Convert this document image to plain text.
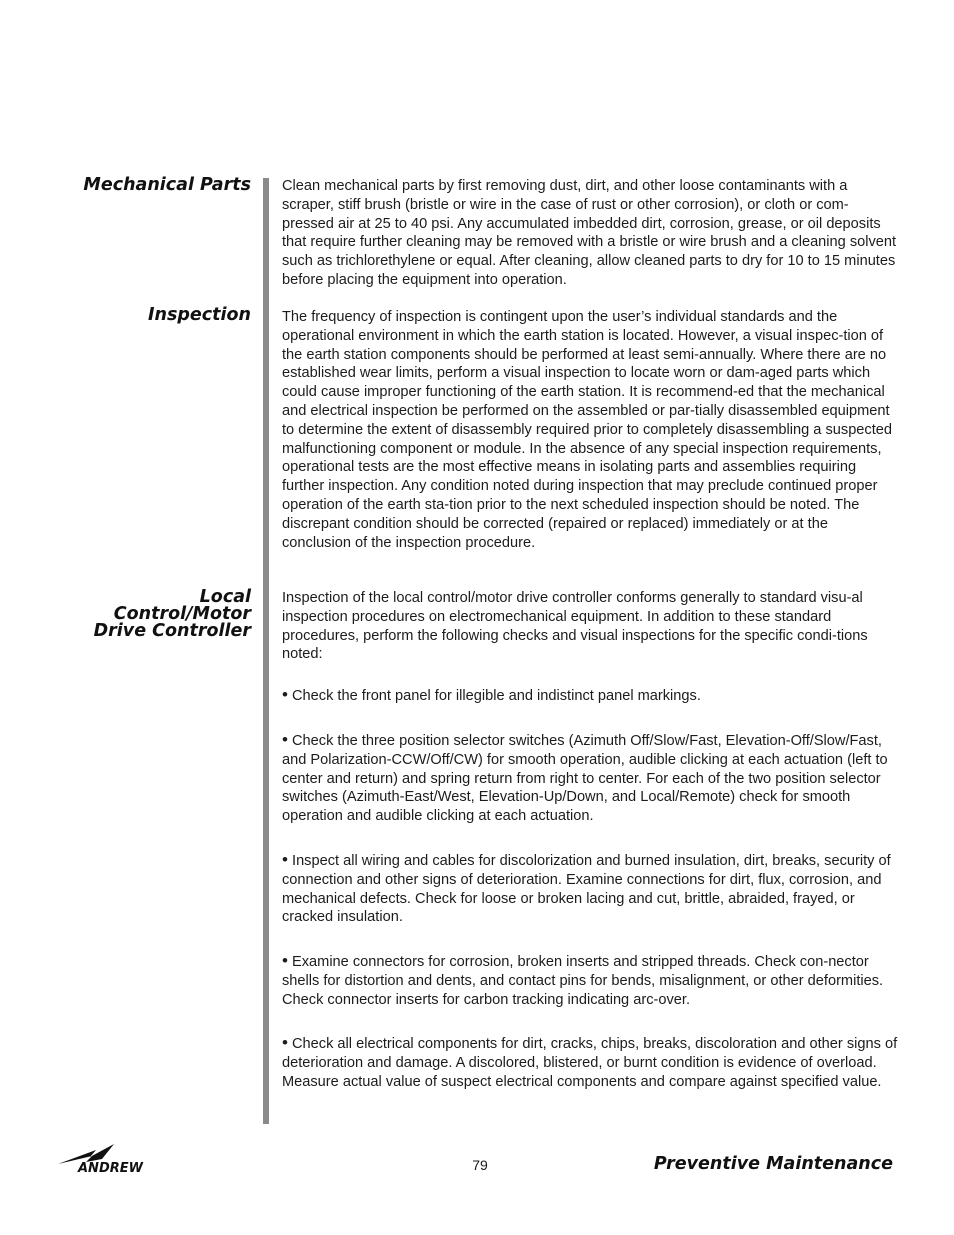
Mechanical Parts
Inspection
Local
Control/Motor
Drive Controller

Clean mechanical parts by first removing dust, dirt, and other loose contaminants with a scraper, stiff brush (bristle or wire in the case of rust or other corrosion), or cloth or com-pressed air at 25 to 40 psi. Any accumulated imbedded dirt, corrosion, grease, or oil deposits that require further cleaning may be removed with a bristle or wire brush and a cleaning solvent such as trichlorethylene or equal. After cleaning, allow cleaned parts to dry for 10 to 15 minutes before placing the equipment into operation.

The frequency of inspection is contingent upon the user’s individual standards and the operational environment in which the earth station is located. However, a visual inspec-tion of the earth station components should be performed at least semi-annually. Where there are no established wear limits, perform a visual inspection to locate worn or dam-aged parts which could cause improper functioning of the earth station. It is recommend-ed that the mechanical and electrical inspection be performed on the assembled or par-tially disassembled equipment to determine the extent of disassembly required prior to completely disassembling a suspected malfunctioning component or module. In the absence of any special inspection requirements, operational tests are the most effective means in isolating parts and assemblies requiring further inspection. Any condition noted during inspection that may preclude continued proper operation of the earth sta-tion prior to the next scheduled inspection should be noted. The discrepant condition should be corrected (repaired or replaced) immediately or at the conclusion of the inspection procedure.

Inspection of the local control/motor drive controller conforms generally to standard visu-al inspection procedures on electromechanical equipment. In addition to these standard procedures, perform the following checks and visual inspections for the specific condi-tions noted:

• Check the front panel for illegible and indistinct panel markings.

• Check the three position selector switches (Azimuth Off/Slow/Fast, Elevation-Off/Slow/Fast, and Polarization-CCW/Off/CW) for smooth operation, audible clicking at each actuation (left to center and return) and spring return from right to center. For each of the two position selector switches (Azimuth-East/West, Elevation-Up/Down, and Local/Remote) check for smooth operation and audible clicking at each actuation.

• Inspect all wiring and cables for discolorization and burned insulation, dirt, breaks, security of connection and other signs of deterioration. Examine connections for dirt, flux, corrosion, and mechanical defects. Check for loose or broken lacing and cut, brittle, abraided, frayed, or cracked insulation.

• Examine connectors for corrosion, broken inserts and stripped threads. Check con-nector shells for distortion and dents, and contact pins for bends, misalignment, or other deformities. Check connector inserts for carbon tracking indicating arc-over.

• Check all electrical components for dirt, cracks, chips, breaks, discoloration and other signs of deterioration and damage. A discolored, blistered, or burnt condition is evidence of overload. Measure actual value of suspect electrical components and compare against specified value.

ANDREW	79	Preventive Maintenance
